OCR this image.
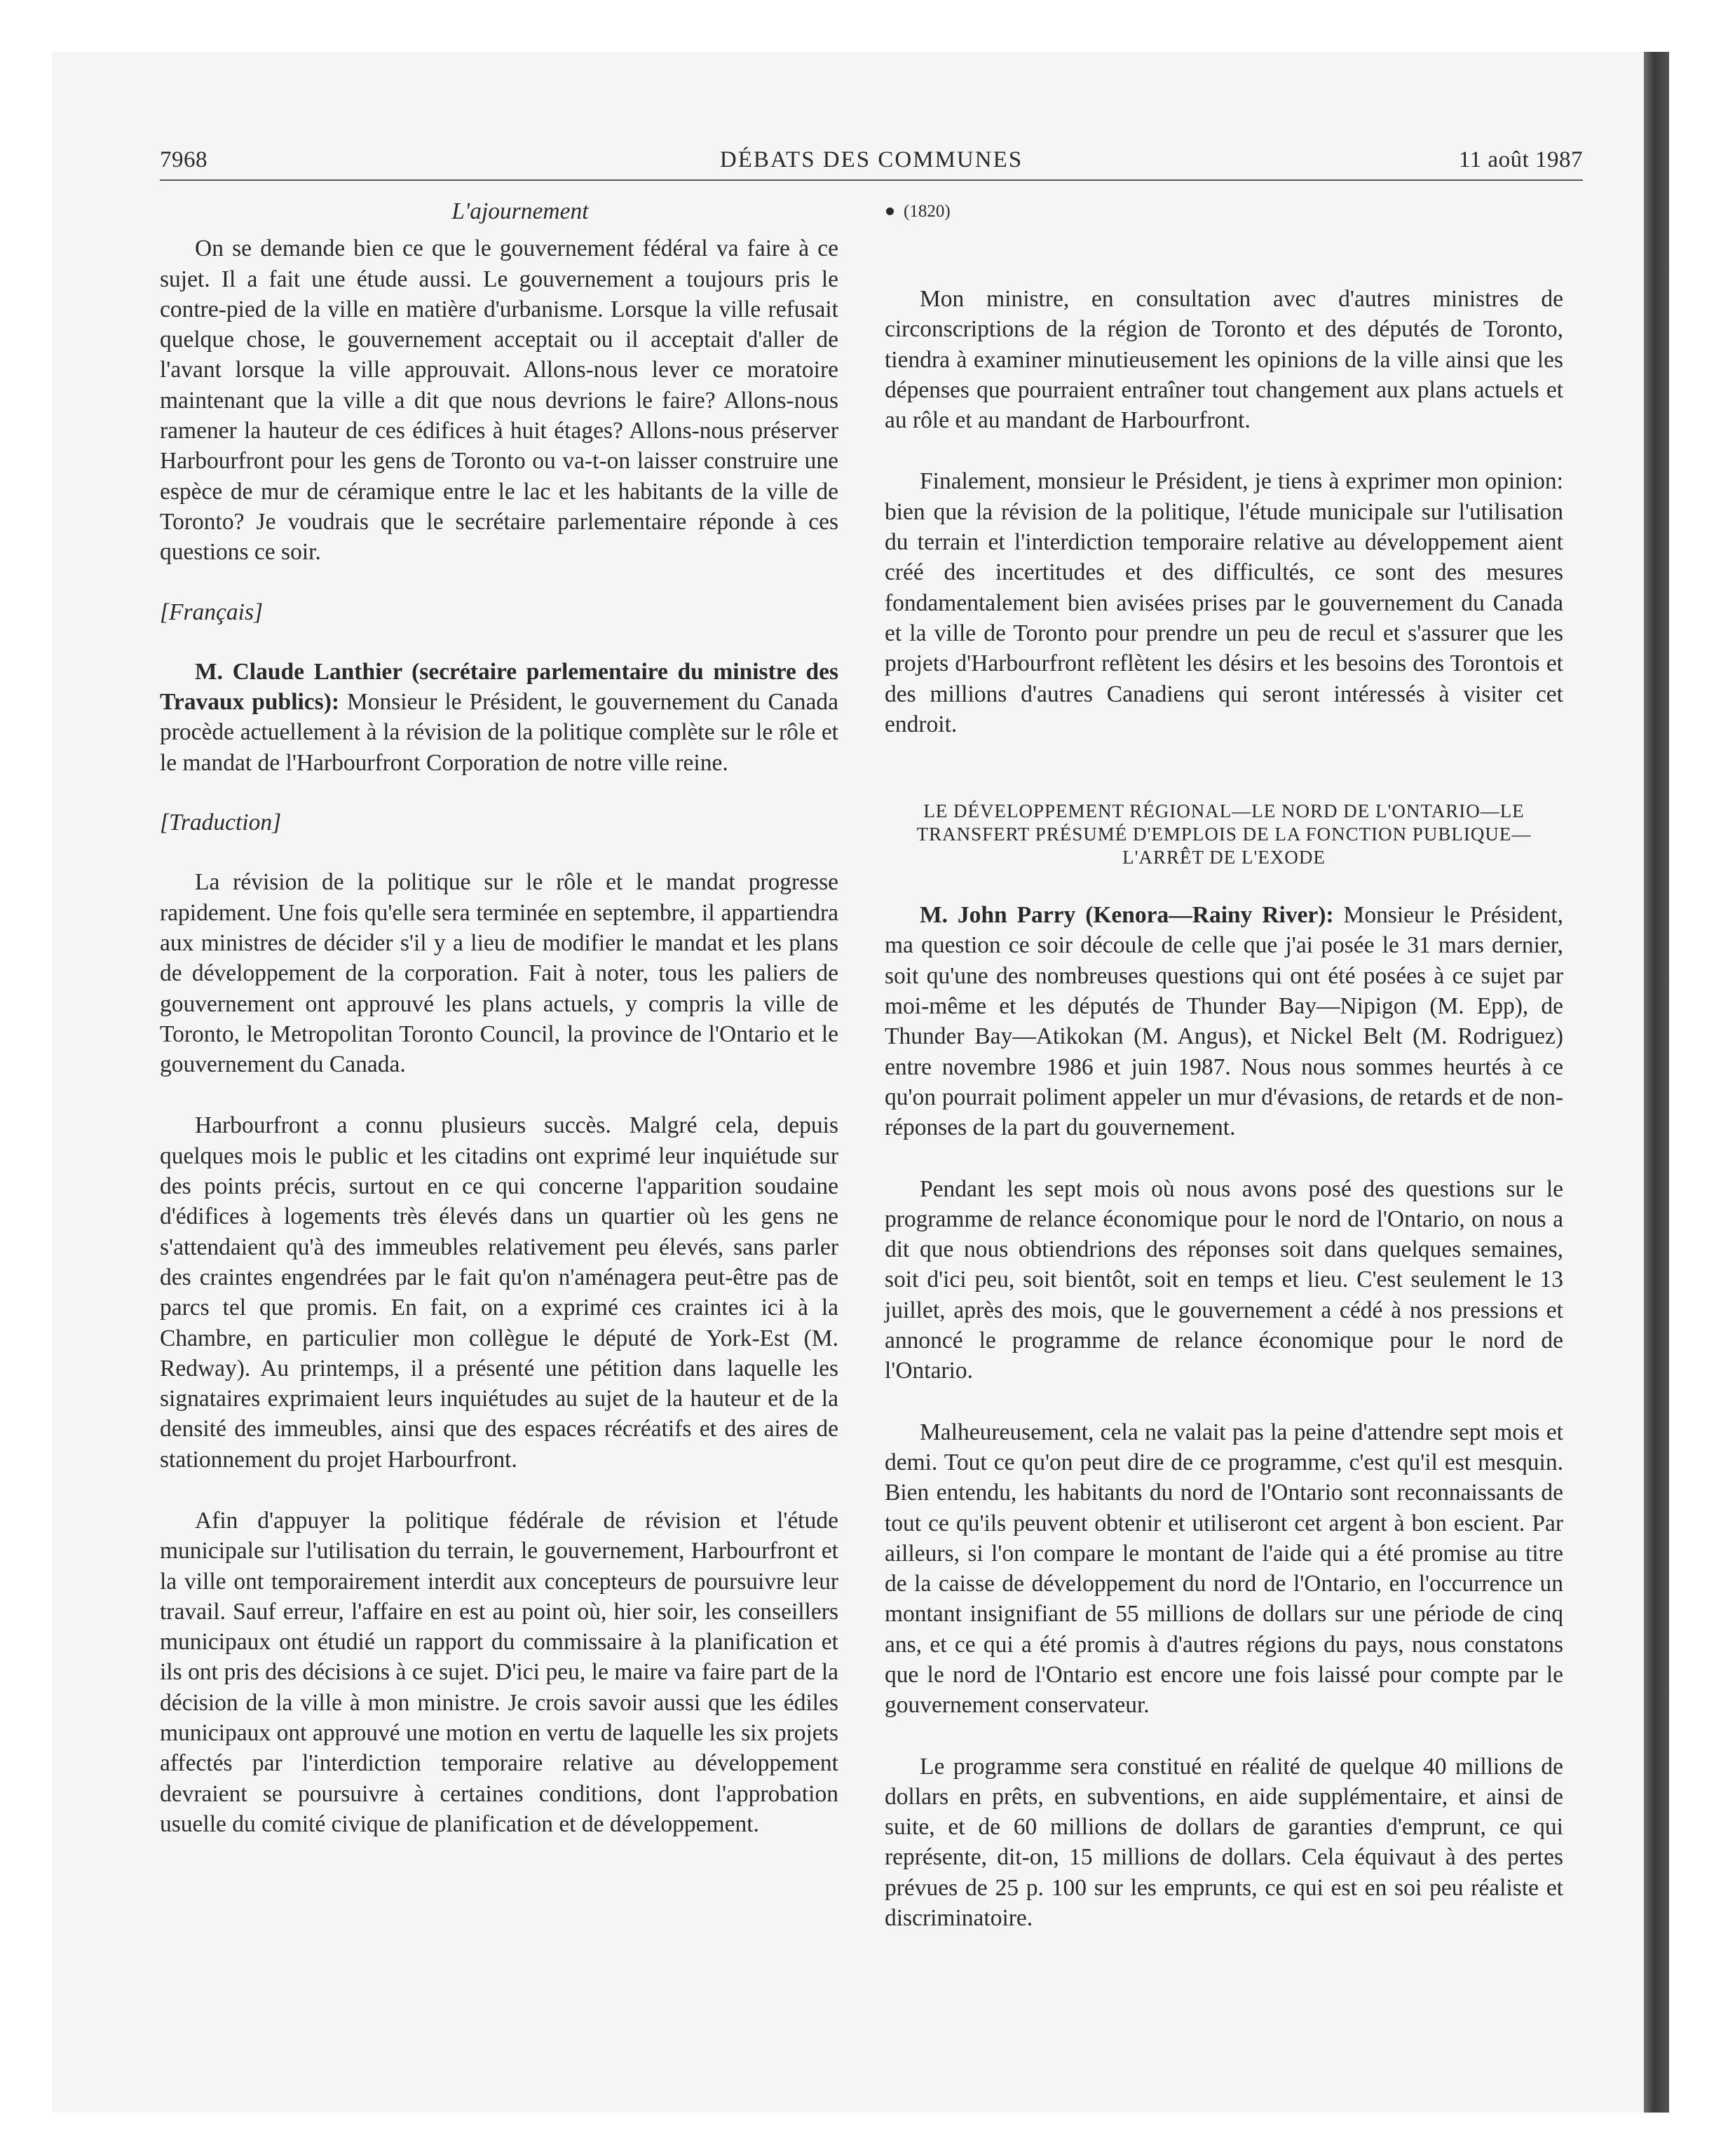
7968	DÉBATS DES COMMUNES	11 août 1987
L'ajournement

On se demande bien ce que le gouvernement fédéral va faire à ce sujet. Il a fait une étude aussi. Le gouvernement a toujours pris le contre-pied de la ville en matière d'urbanisme. Lorsque la ville refusait quelque chose, le gouvernement acceptait ou il acceptait d'aller de l'avant lorsque la ville approuvait. Allons-nous lever ce moratoire maintenant que la ville a dit que nous devrions le faire? Allons-nous ramener la hauteur de ces édifices à huit étages? Allons-nous préserver Harbourfront pour les gens de Toronto ou va-t-on laisser construire une espèce de mur de céramique entre le lac et les habitants de la ville de Toronto? Je voudrais que le secrétaire parlementaire réponde à ces questions ce soir.

[Français]

M. Claude Lanthier (secrétaire parlementaire du ministre des Travaux publics): Monsieur le Président, le gouvernement du Canada procède actuellement à la révision de la politique complète sur le rôle et le mandat de l'Harbourfront Corporation de notre ville reine.

[Traduction]

La révision de la politique sur le rôle et le mandat progresse rapidement. Une fois qu'elle sera terminée en septembre, il appartiendra aux ministres de décider s'il y a lieu de modifier le mandat et les plans de développement de la corporation. Fait à noter, tous les paliers de gouvernement ont approuvé les plans actuels, y compris la ville de Toronto, le Metropolitan Toronto Council, la province de l'Ontario et le gouvernement du Canada.

Harbourfront a connu plusieurs succès. Malgré cela, depuis quelques mois le public et les citadins ont exprimé leur inquiétude sur des points précis, surtout en ce qui concerne l'apparition soudaine d'édifices à logements très élevés dans un quartier où les gens ne s'attendaient qu'à des immeubles relativement peu élevés, sans parler des craintes engendrées par le fait qu'on n'aménagera peut-être pas de parcs tel que promis. En fait, on a exprimé ces craintes ici à la Chambre, en particulier mon collègue le député de York-Est (M. Redway). Au printemps, il a présenté une pétition dans laquelle les signataires exprimaient leurs inquiétudes au sujet de la hauteur et de la densité des immeubles, ainsi que des espaces récréatifs et des aires de stationnement du projet Harbourfront.

Afin d'appuyer la politique fédérale de révision et l'étude municipale sur l'utilisation du terrain, le gouvernement, Harbourfront et la ville ont temporairement interdit aux concepteurs de poursuivre leur travail. Sauf erreur, l'affaire en est au point où, hier soir, les conseillers municipaux ont étudié un rapport du commissaire à la planification et ils ont pris des décisions à ce sujet. D'ici peu, le maire va faire part de la décision de la ville à mon ministre. Je crois savoir aussi que les édiles municipaux ont approuvé une motion en vertu de laquelle les six projets affectés par l'interdiction temporaire relative au développement devraient se poursuivre à certaines conditions, dont l'approbation usuelle du comité civique de planification et de développement.

(1820)

Mon ministre, en consultation avec d'autres ministres de circonscriptions de la région de Toronto et des députés de Toronto, tiendra à examiner minutieusement les opinions de la ville ainsi que les dépenses que pourraient entraîner tout changement aux plans actuels et au rôle et au mandant de Harbourfront.

Finalement, monsieur le Président, je tiens à exprimer mon opinion: bien que la révision de la politique, l'étude municipale sur l'utilisation du terrain et l'interdiction temporaire relative au développement aient créé des incertitudes et des difficultés, ce sont des mesures fondamentalement bien avisées prises par le gouvernement du Canada et la ville de Toronto pour prendre un peu de recul et s'assurer que les projets d'Harbourfront reflètent les désirs et les besoins des Torontois et des millions d'autres Canadiens qui seront intéressés à visiter cet endroit.

LE DÉVELOPPEMENT RÉGIONAL—LE NORD DE L'ONTARIO—LE TRANSFERT PRÉSUMÉ D'EMPLOIS DE LA FONCTION PUBLIQUE—L'ARRÊT DE L'EXODE

M. John Parry (Kenora—Rainy River): Monsieur le Président, ma question ce soir découle de celle que j'ai posée le 31 mars dernier, soit qu'une des nombreuses questions qui ont été posées à ce sujet par moi-même et les députés de Thunder Bay—Nipigon (M. Epp), de Thunder Bay—Atikokan (M. Angus), et Nickel Belt (M. Rodriguez) entre novembre 1986 et juin 1987. Nous nous sommes heurtés à ce qu'on pourrait poliment appeler un mur d'évasions, de retards et de non-réponses de la part du gouvernement.

Pendant les sept mois où nous avons posé des questions sur le programme de relance économique pour le nord de l'Ontario, on nous a dit que nous obtiendrions des réponses soit dans quelques semaines, soit d'ici peu, soit bientôt, soit en temps et lieu. C'est seulement le 13 juillet, après des mois, que le gouvernement a cédé à nos pressions et annoncé le programme de relance économique pour le nord de l'Ontario.

Malheureusement, cela ne valait pas la peine d'attendre sept mois et demi. Tout ce qu'on peut dire de ce programme, c'est qu'il est mesquin. Bien entendu, les habitants du nord de l'Ontario sont reconnaissants de tout ce qu'ils peuvent obtenir et utiliseront cet argent à bon escient. Par ailleurs, si l'on compare le montant de l'aide qui a été promise au titre de la caisse de développement du nord de l'Ontario, en l'occurrence un montant insignifiant de 55 millions de dollars sur une période de cinq ans, et ce qui a été promis à d'autres régions du pays, nous constatons que le nord de l'Ontario est encore une fois laissé pour compte par le gouvernement conservateur.

Le programme sera constitué en réalité de quelque 40 millions de dollars en prêts, en subventions, en aide supplémentaire, et ainsi de suite, et de 60 millions de dollars de garanties d'emprunt, ce qui représente, dit-on, 15 millions de dollars. Cela équivaut à des pertes prévues de 25 p. 100 sur les emprunts, ce qui est en soi peu réaliste et discriminatoire.
